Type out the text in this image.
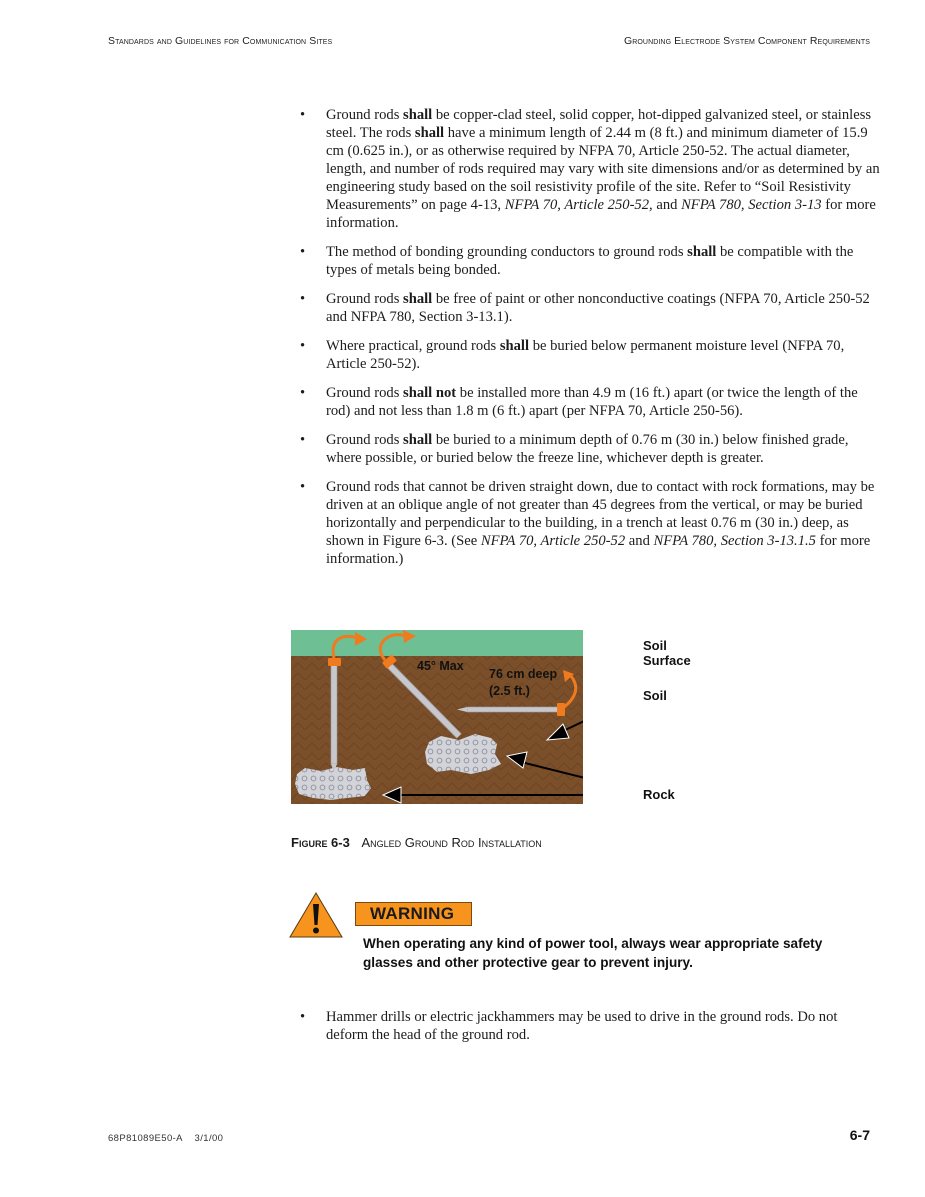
Standards and Guidelines for Communication Sites	Grounding Electrode System Component Requirements
• Ground rods shall be copper-clad steel, solid copper, hot-dipped galvanized steel, or stainless steel. The rods shall have a minimum length of 2.44 m (8 ft.) and minimum diameter of 15.9 cm (0.625 in.), or as otherwise required by NFPA 70, Article 250-52. The actual diameter, length, and number of rods required may vary with site dimensions and/or as determined by an engineering study based on the soil resistivity profile of the site. Refer to “Soil Resistivity Measurements” on page 4-13, NFPA 70, Article 250-52, and NFPA 780, Section 3-13 for more information.
• The method of bonding grounding conductors to ground rods shall be compatible with the types of metals being bonded.
• Ground rods shall be free of paint or other nonconductive coatings (NFPA 70, Article 250-52 and NFPA 780, Section 3-13.1).
• Where practical, ground rods shall be buried below permanent moisture level (NFPA 70, Article 250-52).
• Ground rods shall not be installed more than 4.9 m (16 ft.) apart (or twice the length of the rod) and not less than 1.8 m (6 ft.) apart (per NFPA 70, Article 250-56).
• Ground rods shall be buried to a minimum depth of 0.76 m (30 in.) below finished grade, where possible, or buried below the freeze line, whichever depth is greater.
• Ground rods that cannot be driven straight down, due to contact with rock formations, may be driven at an oblique angle of not greater than 45 degrees from the vertical, or may be buried horizontally and perpendicular to the building, in a trench at least 0.76 m (30 in.) deep, as shown in Figure 6-3. (See NFPA 70, Article 250-52 and NFPA 780, Section 3-13.1.5 for more information.)
45° Max
76 cm deep
(2.5 ft.)
Soil Surface
Soil
Rock
Figure 6-3 Angled Ground Rod Installation
WARNING
When operating any kind of power tool, always wear appropriate safety glasses and other protective gear to prevent injury.
• Hammer drills or electric jackhammers may be used to drive in the ground rods. Do not deform the head of the ground rod.
68P81089E50-A    3/1/00	6-7
